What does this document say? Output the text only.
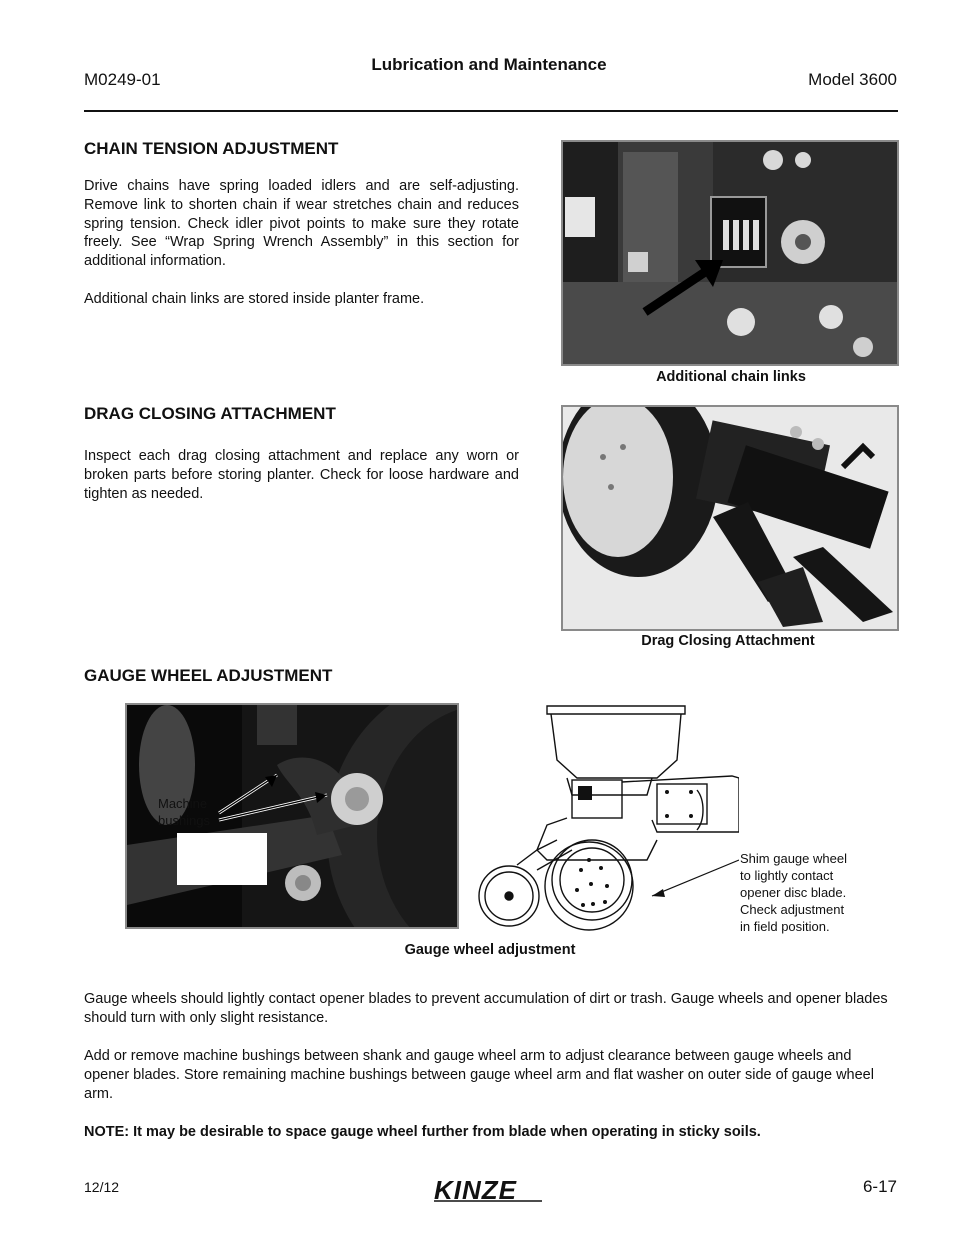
M0249-01
Lubrication and Maintenance
Model 3600
CHAIN TENSION ADJUSTMENT

Drive chains have spring loaded idlers and are self-adjusting. Remove link to shorten chain if wear stretches chain and reduces spring tension. Check idler pivot points to make sure they rotate freely. See “Wrap Spring Wrench Assembly” in this section for additional information.

Additional chain links are stored inside planter frame.

Additional chain links
DRAG CLOSING ATTACHMENT

Inspect each drag closing attachment and replace any worn or broken parts before storing planter. Check for loose hardware and tighten as needed.

Drag Closing Attachment
GAUGE WHEEL ADJUSTMENT
Machine
bushings
Shim gauge wheel
to lightly contact
opener disc blade.
Check adjustment
in field position.
Gauge wheel adjustment

Gauge wheels should lightly contact opener blades to prevent accumulation of dirt or trash. Gauge wheels and opener blades should turn with only slight resistance.

Add or remove machine bushings between shank and gauge wheel arm to adjust clearance between gauge wheels and opener blades. Store remaining machine bushings between gauge wheel arm and flat washer on outer side of gauge wheel arm.

NOTE: It may be desirable to space gauge wheel further from blade when operating in sticky soils.
12/12	KINZE	6-17
